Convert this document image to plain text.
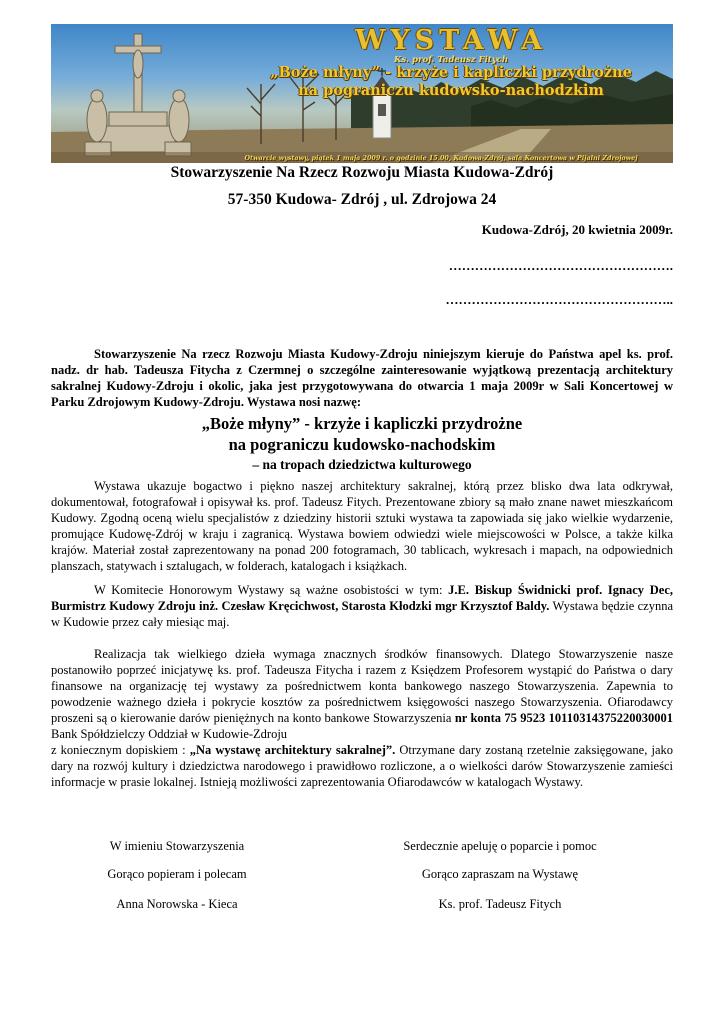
WYSTAWA
Ks. prof. Tadeusz Fitych
„Boże młyny” - krzyże i kapliczki przydrożne
na pograniczu kudowsko-nachodzkim
Otwarcie wystawy, piątek 1 maja 2009 r. o godzinie 15.00, Kudowa-Zdrój, sala Koncertowa w Pijalni Zdrojowej
Stowarzyszenie Na Rzecz Rozwoju Miasta Kudowa-Zdrój
57-350 Kudowa- Zdrój , ul. Zdrojowa 24
Kudowa-Zdrój, 20 kwietnia 2009r.
…………………………………………….
……………………………………………..

Stowarzyszenie Na rzecz Rozwoju Miasta Kudowy-Zdroju niniejszym kieruje do Państwa apel ks. prof. nadz. dr hab. Tadeusza Fitycha z Czermnej o szczególne zainteresowanie wyjątkową prezentacją architektury sakralnej Kudowy-Zdroju i okolic, jaka jest przygotowywana do otwarcia 1 maja 2009r w Sali Koncertowej w Parku Zdrojowym Kudowy-Zdroju. Wystawa nosi nazwę:

„Boże młyny” - krzyże i kapliczki przydrożne
na pograniczu kudowsko-nachodskim
– na tropach dziedzictwa kulturowego

Wystawa ukazuje bogactwo i piękno naszej architektury sakralnej, którą przez blisko dwa lata odkrywał, dokumentował, fotografował i opisywał ks. prof. Tadeusz Fitych. Prezentowane zbiory są mało znane nawet mieszkańcom Kudowy. Zgodną oceną wielu specjalistów z dziedziny historii sztuki wystawa ta zapowiada się jako wielkie wydarzenie, promujące Kudowę-Zdrój w kraju i zagranicą. Wystawa bowiem odwiedzi wiele miejscowości w Polsce, a także kilka krajów. Materiał został zaprezentowany na ponad 200 fotogramach, 30 tablicach, wykresach i mapach, na odpowiednich planszach, statywach i sztalugach, w folderach, katalogach i książkach.

W Komitecie Honorowym Wystawy są ważne osobistości w tym: J.E. Biskup Świdnicki prof. Ignacy Dec, Burmistrz Kudowy Zdroju inż. Czesław Kręcichwost, Starosta Kłodzki mgr Krzysztof Baldy. Wystawa będzie czynna w Kudowie przez cały miesiąc maj.

Realizacja tak wielkiego dzieła wymaga znacznych środków finansowych. Dlatego Stowarzyszenie nasze postanowiło poprzeć inicjatywę ks. prof. Tadeusza Fitycha i razem z Księdzem Profesorem wystąpić do Państwa o dary finansowe na organizację tej wystawy za pośrednictwem konta bankowego naszego Stowarzyszenia. Zapewnia to powodzenie ważnego dzieła i pokrycie kosztów za pośrednictwem księgowości naszego Stowarzyszenia. Ofiarodawcy proszeni są o kierowanie darów pieniężnych na konto bankowe Stowarzyszenia nr konta 75 9523 10110314375220030001 Bank Spółdzielczy Oddział w Kudowie-Zdroju

z koniecznym dopiskiem : „Na wystawę architektury sakralnej”. Otrzymane dary zostaną rzetelnie zaksięgowane, jako dary na rozwój kultury i dziedzictwa narodowego i prawidłowo rozliczone, a o wielkości darów Stowarzyszenie zamieści informacje w prasie lokalnej. Istnieją możliwości zaprezentowania Ofiarodawców w katalogach Wystawy.

W imieniu Stowarzyszenia
Gorąco popieram i polecam
Anna Norowska - Kieca
Serdecznie apeluję o poparcie i pomoc
Gorąco zapraszam na Wystawę
Ks. prof. Tadeusz Fitych
